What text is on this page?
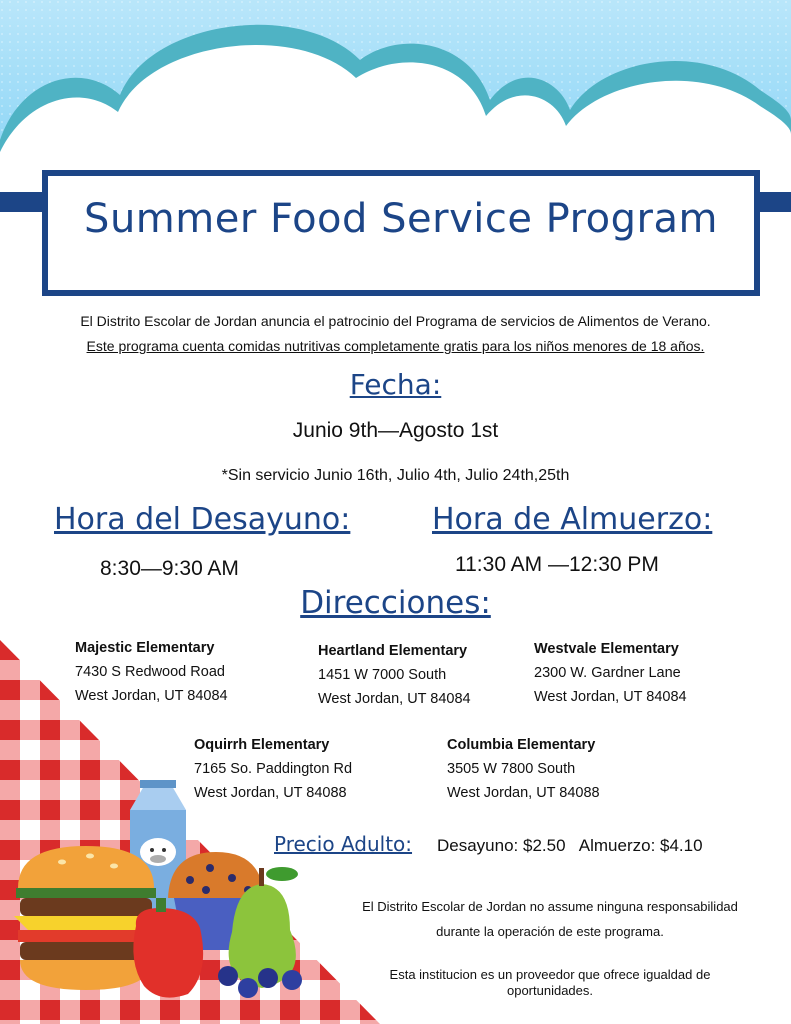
Summer Food Service Program
El Distrito Escolar de Jordan anuncia el patrocinio del Programa de servicios de Alimentos de Verano.
Este programa cuenta comidas nutritivas completamente gratis para los niños menores de 18 años.
Fecha:
Junio 9th—Agosto 1st
*Sin servicio Junio 16th, Julio 4th, Julio 24th,25th
Hora del Desayuno:	Hora de Almuerzo:
8:30—9:30 AM	11:30 AM —12:30 PM
Direcciones:
Majestic Elementary
7430 S Redwood Road
West Jordan, UT 84084
Heartland Elementary
1451 W 7000 South
West Jordan, UT 84084
Westvale Elementary
2300 W. Gardner Lane
West Jordan, UT 84084
Oquirrh Elementary
7165 So. Paddington Rd
West Jordan, UT 84088
Columbia Elementary
3505 W 7800 South
West Jordan, UT 84088
Precio Adulto: Desayuno: $2.50   Almuerzo: $4.10
El Distrito Escolar de Jordan no assume ninguna responsabilidad
durante la operación de este programa.
Esta institucion es un proveedor que ofrece igualdad de
oportunidades.
